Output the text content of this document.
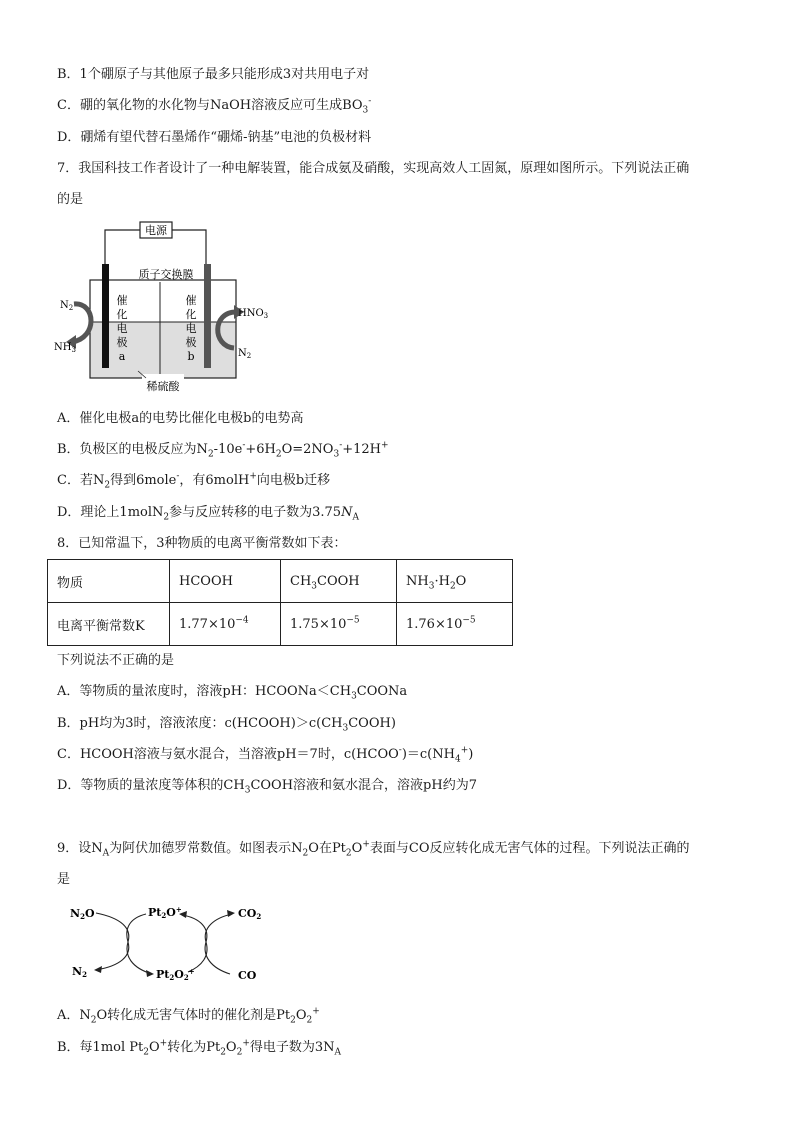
B．1个硼原子与其他原子最多只能形成3对共用电子对
C．硼的氧化物的水化物与NaOH溶液反应可生成$BO_3^-$
D．硼烯有望代替石墨烯作“硼烯-钠基”电池的负极材料
7．我国科技工作者设计了一种电解装置，能合成氨及硝酸，实现高效人工固氮，原理如图所示。下列说法正确
的是
电源
质子交换膜
催
化
电
极
a
催
化
电
极
b
稀硫酸
$N_2$
$NH_3$
$HNO_3$
$N_2$
A．催化电极a的电势比催化电极b的电势高
B．负极区的电极反应为$N_2-10e^-+6H_2O=2NO_3^-+12H^+$
C．若$N_2$得到6mole-，有6molH+向电极b迁移
D．理论上1molN$_2$参与反应转移的电子数为$3.75N_A$
8．已知常温下，3种物质的电离平衡常数如下表：
物质	HCOOH	$CH_3COOH$	$NH_3\cdot H_2O$
电离平衡常数K	$1.77\times 10^{-4}$	$1.75\times 10^{-5}$	$1.76\times 10^{-5}$
下列说法不正确的是
A．等物质的量浓度时，溶液pH：$HCOONa<CH_3COONa$
B．pH均为3时，溶液浓度：$c(HCOOH)>c(CH_3COOH)$
C．HCOOH溶液与氨水混合，当溶液pH＝7时，$c(HCOO^-)=c(NH_4^+)$
D．等物质的量浓度等体积的$CH_3COOH$溶液和氨水混合，溶液pH约为7
9．设$N_A$为阿伏加德罗常数值。如图表示$N_2O$在$Pt_2O^+$表面与CO反应转化成无害气体的过程。下列说法正确的
是
N2O	Pt2O+	CO2
N2	Pt2O2+	CO
A．$N_2O$转化成无害气体时的催化剂是$Pt_2O_2^+$
B．每1mol $Pt_2O^+$转化为$Pt_2O_2^+$得电子数为$3N_A$
